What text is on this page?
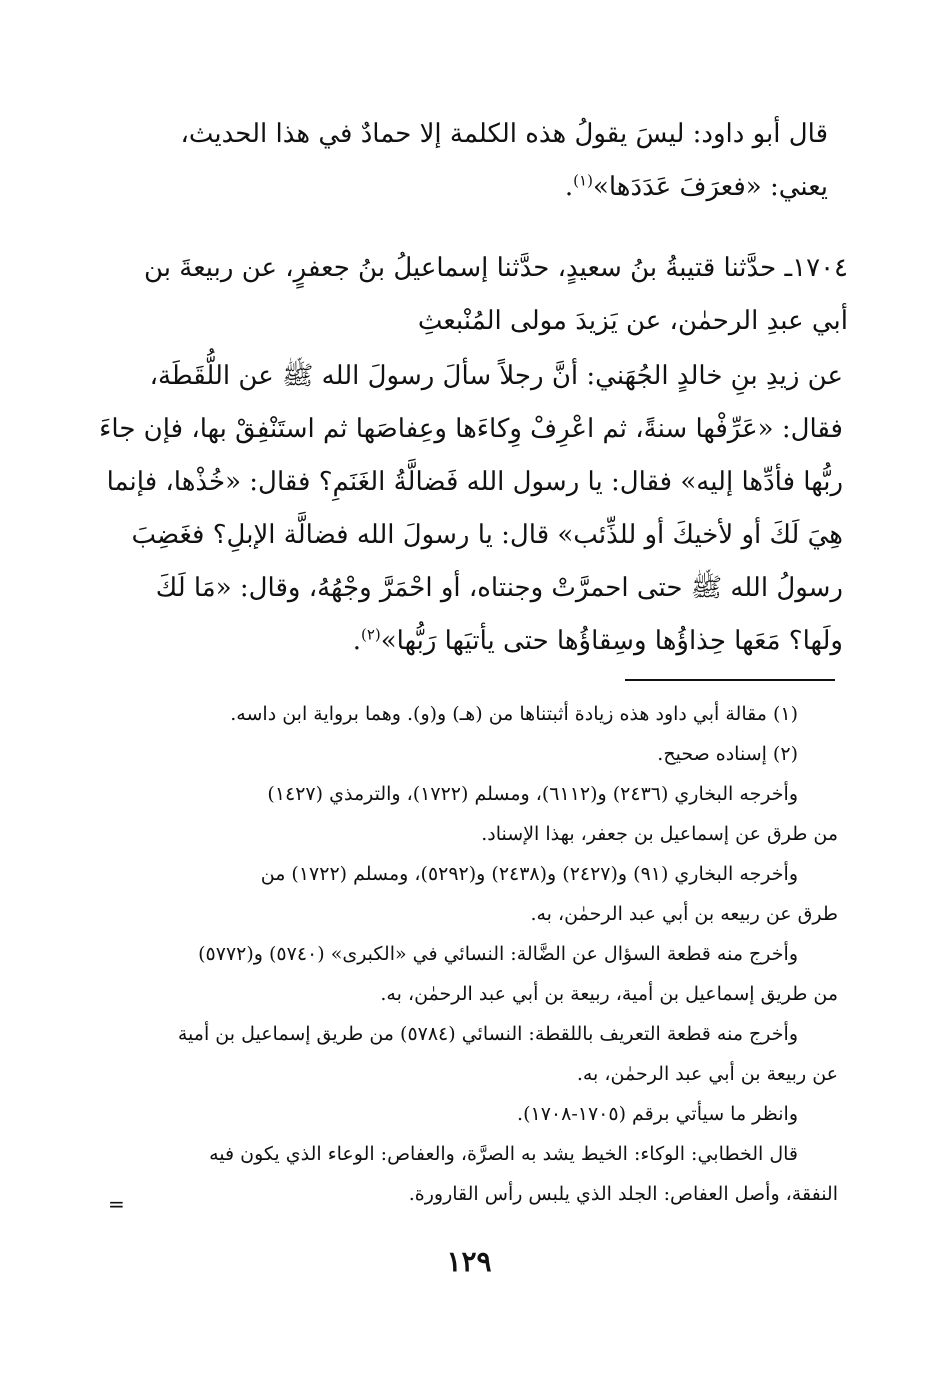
قال أبو داود: ليسَ يقولُ هذه الكلمة إلا حمادٌ في هذا الحديث،
يعني: «فعرَفَ عَدَدَها»$^{(١)}$.
١٧٠٤ـ حدَّثنا قتيبةُ بنُ سعيدٍ، حدَّثنا إسماعيلُ بنُ جعفرٍ، عن ربيعةَ بن
أبي عبدِ الرحمٰن، عن يَزيدَ مولى المُنْبعثِ
عن زيدِ بنِ خالدٍ الجُهَني: أنَّ رجلاً سألَ رسولَ الله ﷺ عن اللُّقَطَة،
فقال: «عَرِّفْها سنةً، ثم اعْرِفْ وِكاءَها وعِفاصَها ثم استَنْفِقْ بها، فإن جاءَ
ربُّها فأدِّها إليه» فقال: يا رسول الله فَضالَّةُ الغَنَمِ؟ فقال: «خُذْها، فإنما
هِيَ لَكَ أو لأخيكَ أو للذِّئب» قال: يا رسولَ الله فضالَّة الإبلِ؟ فغَضِبَ
رسولُ الله ﷺ حتى احمرَّتْ وجنتاه، أو احْمَرَّ وجْهُهُ، وقال: «مَا لَكَ
ولَها؟ مَعَها حِذاؤُها وسِقاؤُها حتى يأتيَها رَبُّها»$^{(٢)}$.
(١) مقالة أبي داود هذه زيادة أثبتناها من (هـ) و(و). وهما برواية ابن داسه.
(٢) إسناده صحيح.
وأخرجه البخاري (٢٤٣٦) و(٦١١٢)، ومسلم (١٧٢٢)، والترمذي (١٤٢٧)
من طرق عن إسماعيل بن جعفر، بهذا الإسناد.
وأخرجه البخاري (٩١) و(٢٤٢٧) و(٢٤٣٨) و(٥٢٩٢)، ومسلم (١٧٢٢) من
طرق عن ربيعه بن أبي عبد الرحمٰن، به.
وأخرج منه قطعة السؤال عن الضَّالة: النسائي في «الكبرى» (٥٧٤٠) و(٥٧٧٢)
من طريق إسماعيل بن أمية، ربيعة بن أبي عبد الرحمٰن، به.
وأخرج منه قطعة التعريف باللقطة: النسائي (٥٧٨٤) من طريق إسماعيل بن أمية
عن ربيعة بن أبي عبد الرحمٰن، به.
وانظر ما سيأتي برقم (١٧٠٥-١٧٠٨).
قال الخطابي: الوكاء: الخيط يشد به الصرَّة، والعفاص: الوعاء الذي يكون فيه
النفقة، وأصل العفاص: الجلد الذي يلبس رأس القارورة.
=
١٢٩
